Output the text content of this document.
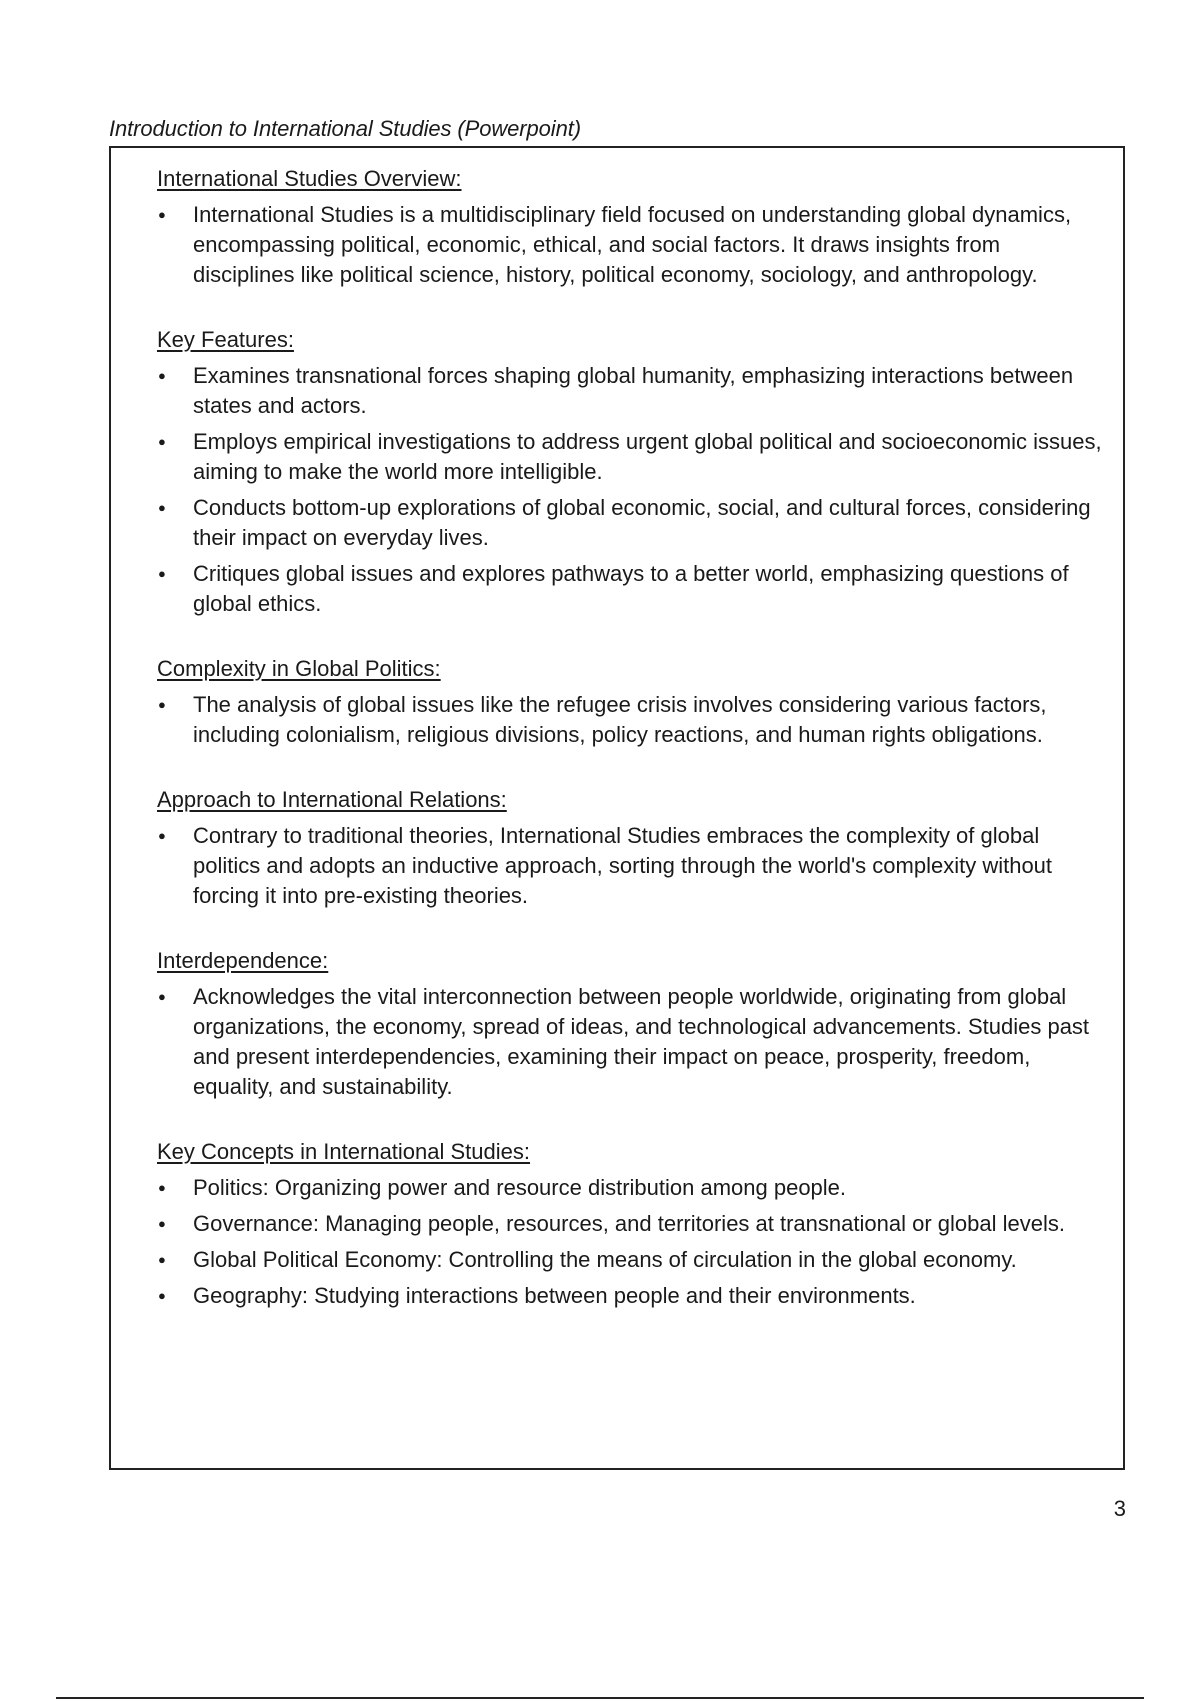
Introduction to International Studies (Powerpoint)
International Studies Overview:
● International Studies is a multidisciplinary field focused on understanding global dynamics, encompassing political, economic, ethical, and social factors. It draws insights from disciplines like political science, history, political economy, sociology, and anthropology.
Key Features:
● Examines transnational forces shaping global humanity, emphasizing interactions between states and actors.
● Employs empirical investigations to address urgent global political and socioeconomic issues, aiming to make the world more intelligible.
● Conducts bottom-up explorations of global economic, social, and cultural forces, considering their impact on everyday lives.
● Critiques global issues and explores pathways to a better world, emphasizing questions of global ethics.
Complexity in Global Politics:
● The analysis of global issues like the refugee crisis involves considering various factors, including colonialism, religious divisions, policy reactions, and human rights obligations.
Approach to International Relations:
● Contrary to traditional theories, International Studies embraces the complexity of global politics and adopts an inductive approach, sorting through the world's complexity without forcing it into pre-existing theories.
Interdependence:
● Acknowledges the vital interconnection between people worldwide, originating from global organizations, the economy, spread of ideas, and technological advancements. Studies past and present interdependencies, examining their impact on peace, prosperity, freedom, equality, and sustainability.
Key Concepts in International Studies:
● Politics: Organizing power and resource distribution among people.
● Governance: Managing people, resources, and territories at transnational or global levels.
● Global Political Economy: Controlling the means of circulation in the global economy.
● Geography: Studying interactions between people and their environments.
3
